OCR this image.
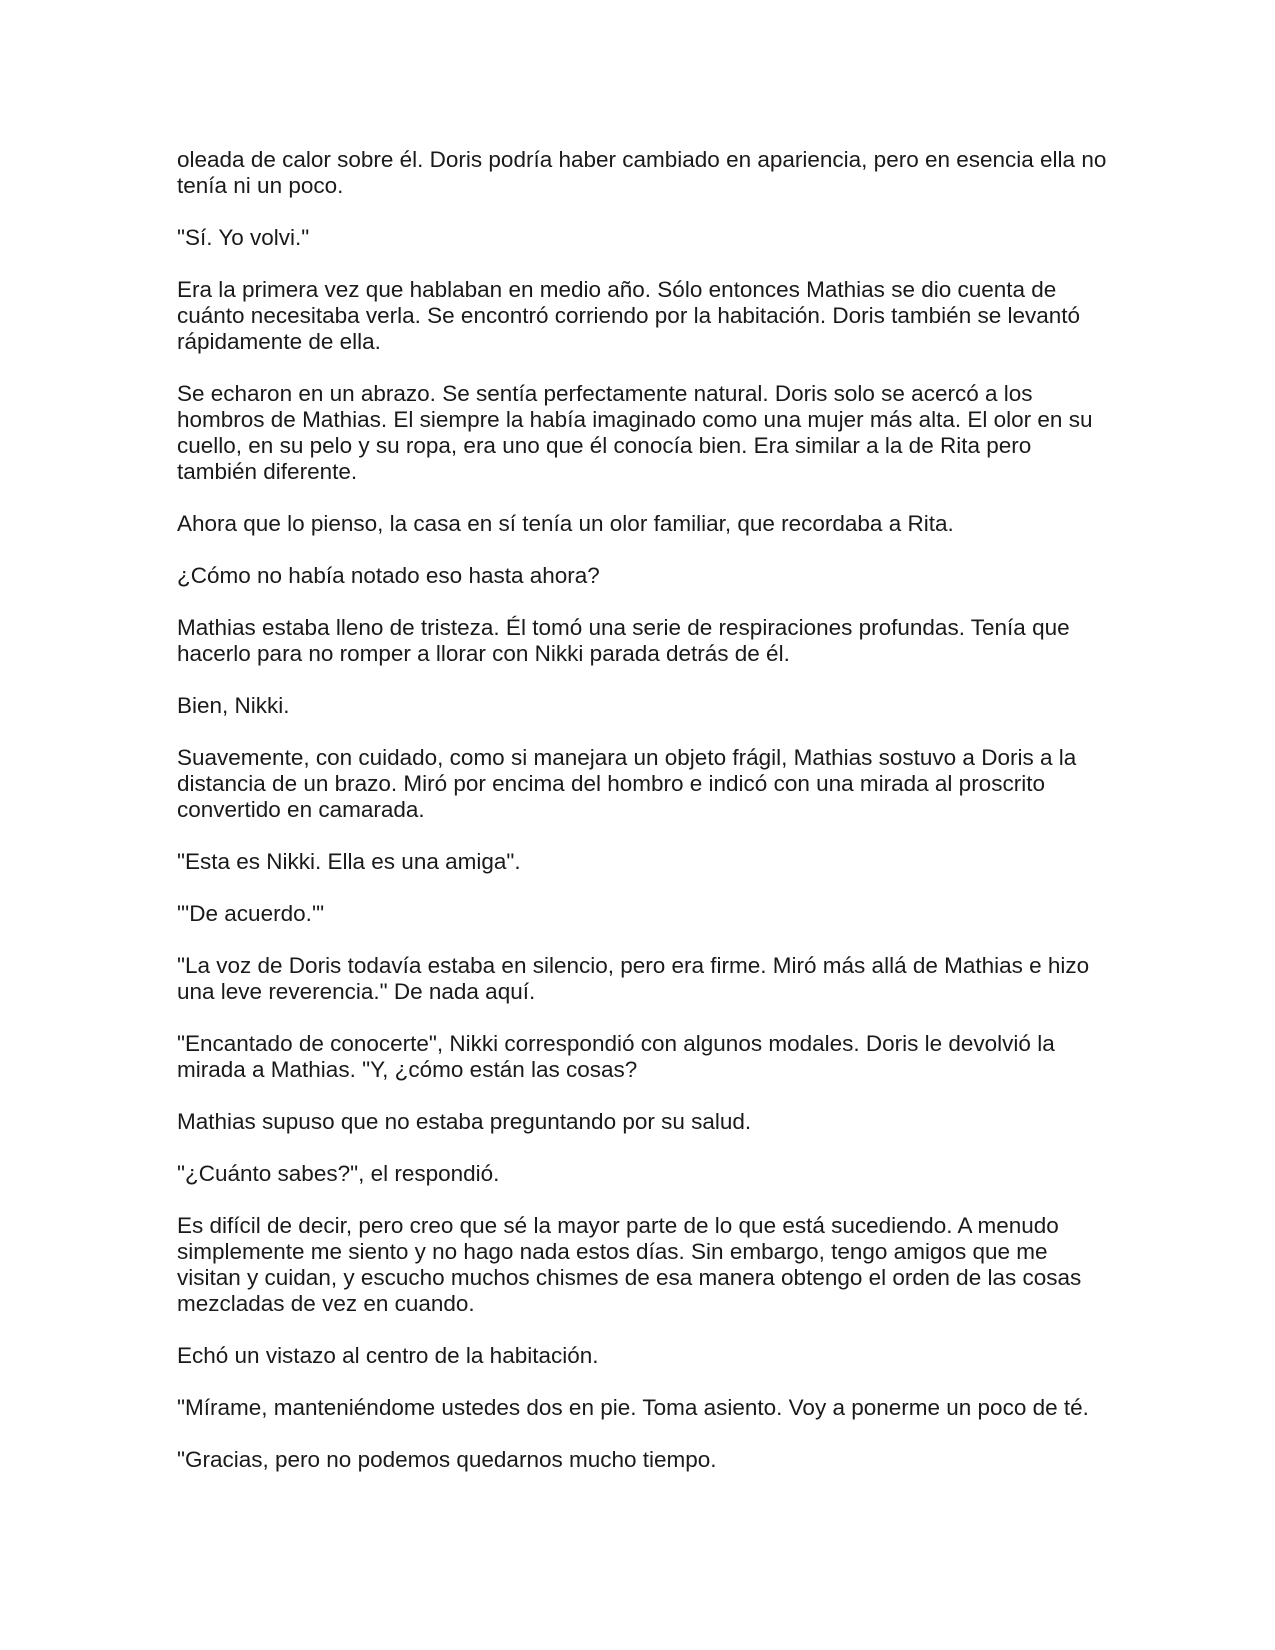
oleada de calor sobre él. Doris podría haber cambiado en apariencia, pero en esencia ella no tenía ni un poco.

"Sí. Yo volvi."

Era la primera vez que hablaban en medio año. Sólo entonces Mathias se dio cuenta de cuánto necesitaba verla. Se encontró corriendo por la habitación. Doris también se levantó rápidamente de ella.

Se echaron en un abrazo. Se sentía perfectamente natural. Doris solo se acercó a los hombros de Mathias. El siempre la había imaginado como una mujer más alta. El olor en su cuello, en su pelo y su ropa, era uno que él conocía bien. Era similar a la de Rita pero también diferente.

Ahora que lo pienso, la casa en sí tenía un olor familiar, que recordaba a Rita.

¿Cómo no había notado eso hasta ahora?

Mathias estaba lleno de tristeza. Él tomó una serie de respiraciones profundas. Tenía que hacerlo para no romper a llorar con Nikki parada detrás de él.

Bien, Nikki.

Suavemente, con cuidado, como si manejara un objeto frágil, Mathias sostuvo a Doris a la distancia de un brazo. Miró por encima del hombro e indicó con una mirada al proscrito convertido en camarada.

"Esta es Nikki. Ella es una amiga".

"'De acuerdo.'"

"La voz de Doris todavía estaba en silencio, pero era firme. Miró más allá de Mathias e hizo una leve reverencia." De nada aquí.

"Encantado de conocerte", Nikki correspondió con algunos modales. Doris le devolvió la mirada a Mathias. "Y, ¿cómo están las cosas?

Mathias supuso que no estaba preguntando por su salud.

"¿Cuánto sabes?", el respondió.

Es difícil de decir, pero creo que sé la mayor parte de lo que está sucediendo. A menudo simplemente me siento y no hago nada estos días. Sin embargo, tengo amigos que me visitan y cuidan, y escucho muchos chismes de esa manera obtengo el orden de las cosas mezcladas de vez en cuando.

Echó un vistazo al centro de la habitación.

"Mírame, manteniéndome ustedes dos en pie. Toma asiento. Voy a ponerme un poco de té.

"Gracias, pero no podemos quedarnos mucho tiempo.
